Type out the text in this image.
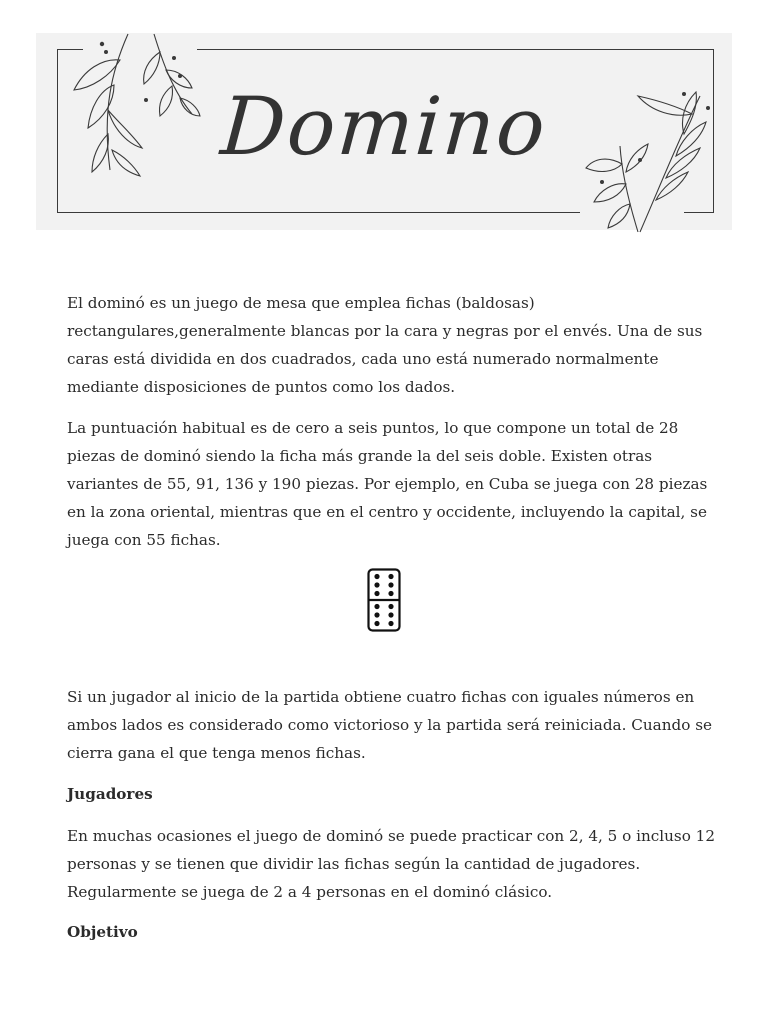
Domino

El dominó es un juego de mesa que emplea fichas (baldosas) rectangulares,generalmente blancas por la cara y negras por el envés. Una de sus caras está dividida en dos cuadrados, cada uno está numerado normalmente mediante disposiciones de puntos como los dados.

La puntuación habitual es de cero a seis puntos, lo que compone un total de 28 piezas de dominó siendo la ficha más grande la del seis doble. Existen otras variantes de 55, 91, 136 y 190 piezas. Por ejemplo, en Cuba se juega con 28 piezas en la zona oriental, mientras que en el centro y occidente, incluyendo la capital, se juega con 55 fichas.

Si un jugador al inicio de la partida obtiene cuatro fichas con iguales números en ambos lados es considerado como victorioso y la partida será reiniciada. Cuando se cierra gana el que tenga menos fichas.

Jugadores

En muchas ocasiones el juego de dominó se puede practicar con 2, 4, 5 o incluso 12 personas y se tienen que dividir las fichas según la cantidad de jugadores. Regularmente se juega de 2 a 4 personas en el dominó clásico.

Objetivo
